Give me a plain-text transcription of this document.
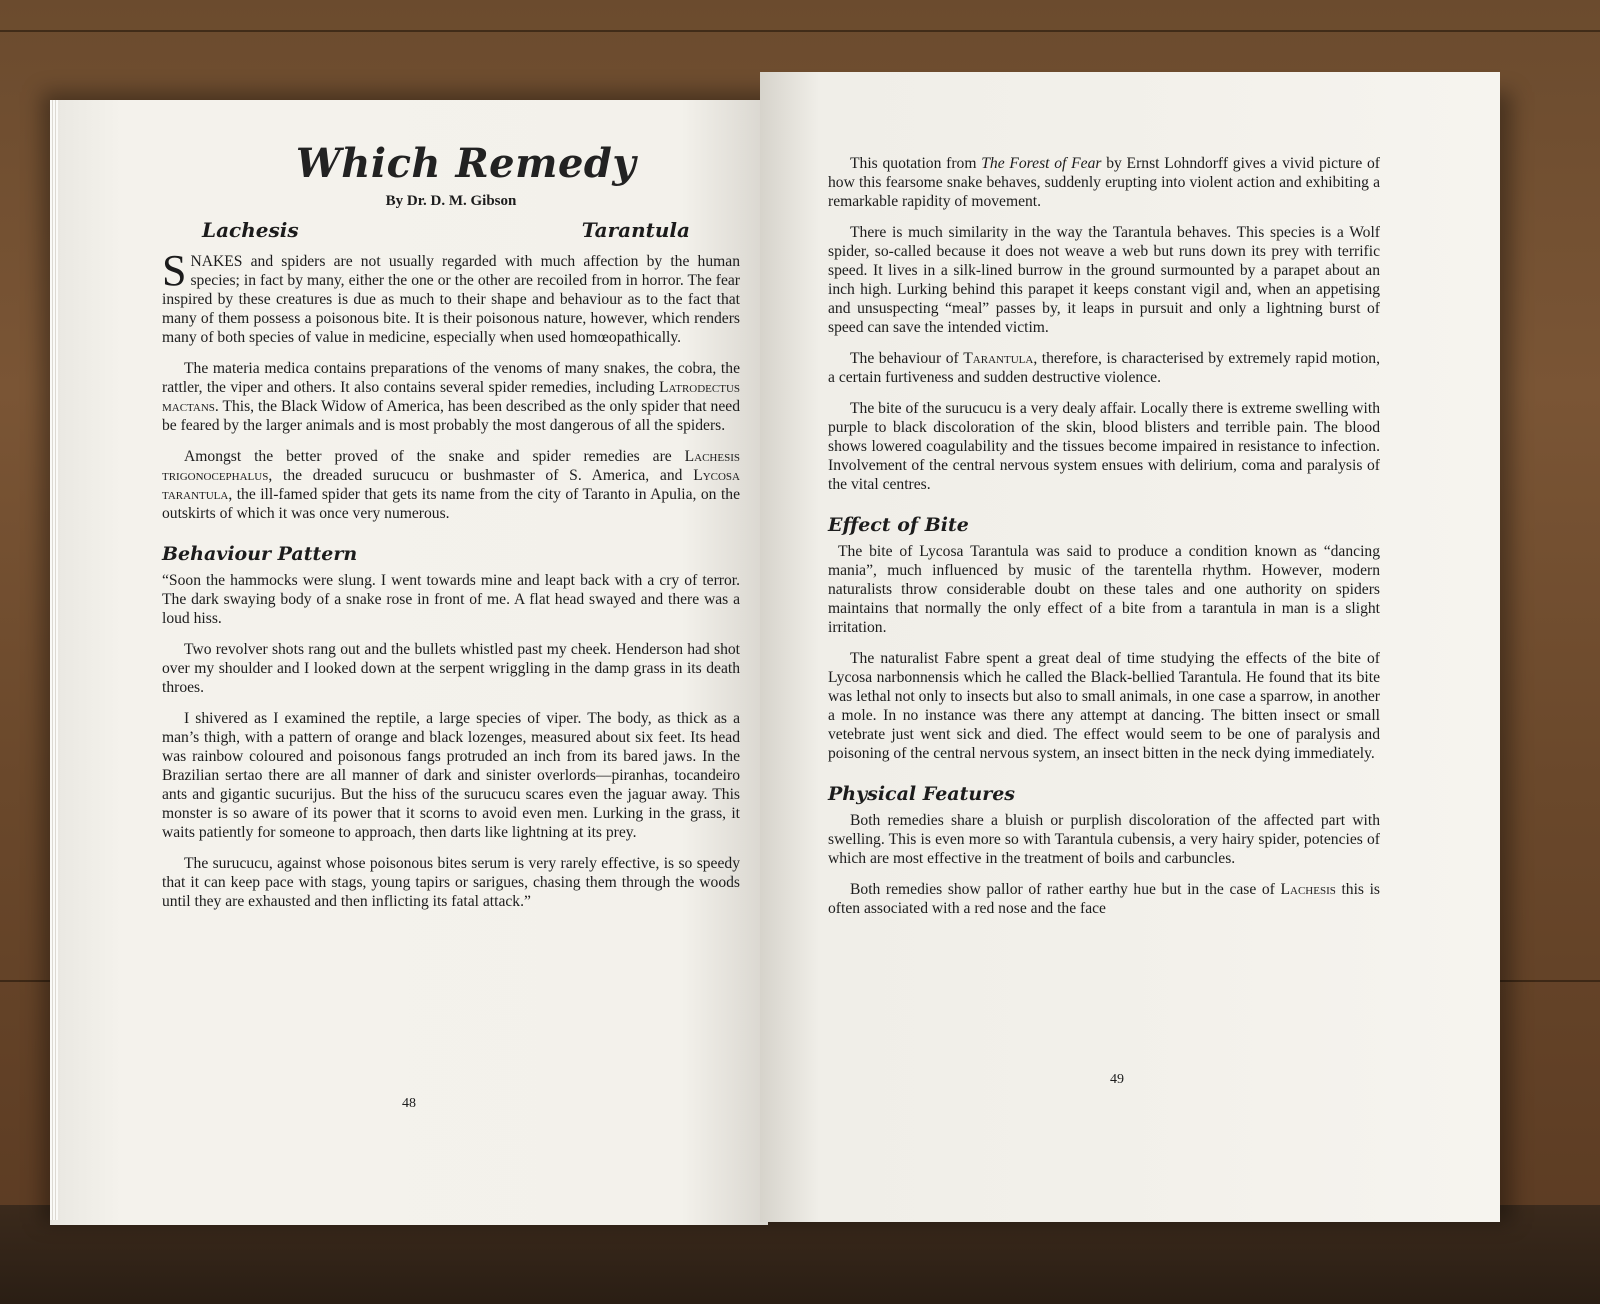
Which Remedy
By Dr. D. M. Gibson
Lachesis	Tarantula

SNAKES and spiders are not usually regarded with much affection by the human species; in fact by many, either the one or the other are recoiled from in horror. The fear inspired by these creatures is due as much to their shape and behaviour as to the fact that many of them possess a poisonous bite. It is their poisonous nature, however, which renders many of both species of value in medicine, especially when used homœopathically.

The materia medica contains preparations of the venoms of many snakes, the cobra, the rattler, the viper and others. It also contains several spider remedies, including Latrodectus mactans. This, the Black Widow of America, has been described as the only spider that need be feared by the larger animals and is most probably the most dangerous of all the spiders.

Amongst the better proved of the snake and spider remedies are Lachesis trigonocephalus, the dreaded surucucu or bushmaster of S. America, and Lycosa tarantula, the ill-famed spider that gets its name from the city of Taranto in Apulia, on the outskirts of which it was once very numerous.

Behaviour Pattern

“Soon the hammocks were slung. I went towards mine and leapt back with a cry of terror. The dark swaying body of a snake rose in front of me. A flat head swayed and there was a loud hiss.

Two revolver shots rang out and the bullets whistled past my cheek. Henderson had shot over my shoulder and I looked down at the serpent wriggling in the damp grass in its death throes.

I shivered as I examined the reptile, a large species of viper. The body, as thick as a man’s thigh, with a pattern of orange and black lozenges, measured about six feet. Its head was rainbow coloured and poisonous fangs protruded an inch from its bared jaws. In the Brazilian sertao there are all manner of dark and sinister overlords—piranhas, tocandeiro ants and gigantic sucurijus. But the hiss of the surucucu scares even the jaguar away. This monster is so aware of its power that it scorns to avoid even men. Lurking in the grass, it waits patiently for someone to approach, then darts like lightning at its prey.

The surucucu, against whose poisonous bites serum is very rarely effective, is so speedy that it can keep pace with stags, young tapirs or sarigues, chasing them through the woods until they are exhausted and then inflicting its fatal attack.”

48

This quotation from The Forest of Fear by Ernst Lohndorff gives a vivid picture of how this fearsome snake behaves, suddenly erupting into violent action and exhibiting a remarkable rapidity of movement.

There is much similarity in the way the Tarantula behaves. This species is a Wolf spider, so-called because it does not weave a web but runs down its prey with terrific speed. It lives in a silk-lined burrow in the ground surmounted by a parapet about an inch high. Lurking behind this parapet it keeps constant vigil and, when an appetising and unsuspecting “meal” passes by, it leaps in pursuit and only a lightning burst of speed can save the intended victim.

The behaviour of Tarantula, therefore, is characterised by extremely rapid motion, a certain furtiveness and sudden destructive violence.

The bite of the surucucu is a very dealy affair. Locally there is extreme swelling with purple to black discoloration of the skin, blood blisters and terrible pain. The blood shows lowered coagulability and the tissues become impaired in resistance to infection. Involvement of the central nervous system ensues with delirium, coma and paralysis of the vital centres.

Effect of Bite

The bite of Lycosa Tarantula was said to produce a condition known as “dancing mania”, much influenced by music of the tarentella rhythm. However, modern naturalists throw considerable doubt on these tales and one authority on spiders maintains that normally the only effect of a bite from a tarantula in man is a slight irritation.

The naturalist Fabre spent a great deal of time studying the effects of the bite of Lycosa narbonnensis which he called the Black-bellied Tarantula. He found that its bite was lethal not only to insects but also to small animals, in one case a sparrow, in another a mole. In no instance was there any attempt at dancing. The bitten insect or small vetebrate just went sick and died. The effect would seem to be one of paralysis and poisoning of the central nervous system, an insect bitten in the neck dying immediately.

Physical Features

Both remedies share a bluish or purplish discoloration of the affected part with swelling. This is even more so with Tarantula cubensis, a very hairy spider, potencies of which are most effective in the treatment of boils and carbuncles.

Both remedies show pallor of rather earthy hue but in the case of Lachesis this is often associated with a red nose and the face

49
